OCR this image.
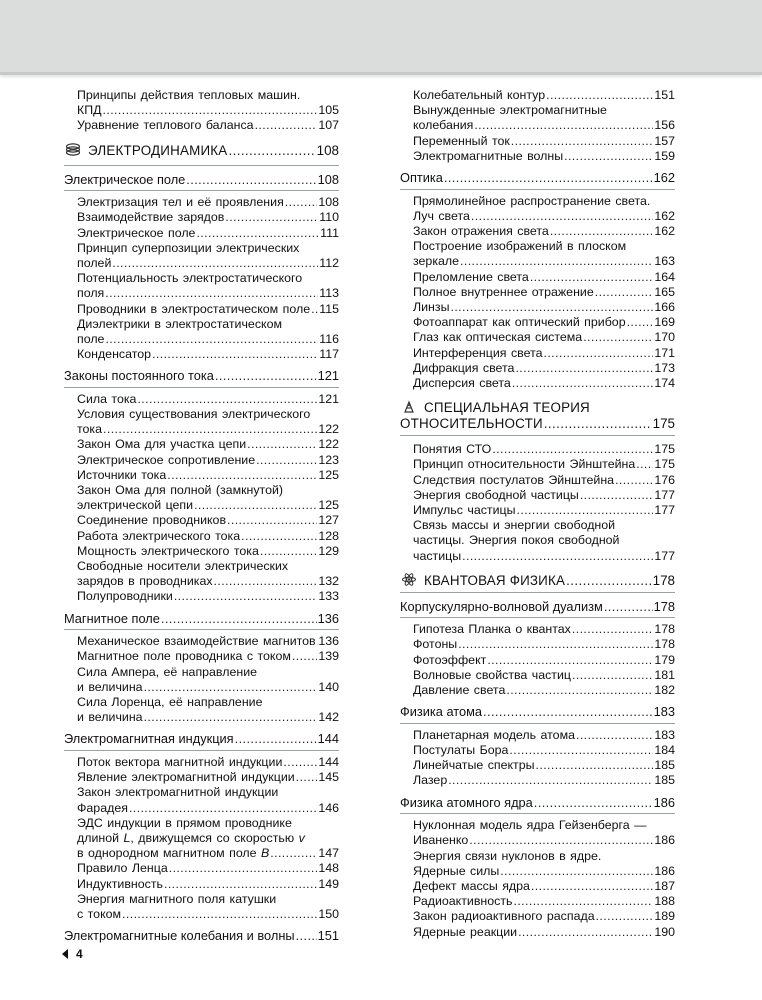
Принципы действия тепловых машин.
КПД .....	105
Уравнение теплового баланса .....	107
ЭЛЕКТРОДИНАМИКА .....	108
Электрическое поле .....	108
Электризация тел и её проявления .....	108
Взаимодействие зарядов .....	110
Электрическое поле .....	111
Принцип суперпозиции электрических
полей .....	112
Потенциальность электростатического
поля .....	113
Проводники в электростатическом поле ..... 115
Диэлектрики в электростатическом
поле .....	116
Конденсатор .....	117
Законы постоянного тока .....	121
Сила тока .....	121
Условия существования электрического
тока .....	122
Закон Ома для участка цепи .....	122
Электрическое сопротивление .....	123
Источники тока .....	125
Закон Ома для полной (замкнутой)
электрической цепи .....	125
Соединение проводников .....	127
Работа электрического тока .....	128
Мощность электрического тока .....	129
Свободные носители электрических
зарядов в проводниках .....	132
Полупроводники .....	133
Магнитное поле .....	136
Механическое взаимодействие магнитов ..... 136
Магнитное поле проводника с током ..... 139
Сила Ампера, её направление
и величина .....	140
Сила Лоренца, её направление
и величина .....	142
Электромагнитная индукция .....	144
Поток вектора магнитной индукции .....	144
Явление электромагнитной индукции ..... 145
Закон электромагнитной индукции
Фарадея .....	146
ЭДС индукции в прямом проводнике
длиной L, движущемся со скоростью v
в однородном магнитном поле B .....	147
Правило Ленца .....	148
Индуктивность .....	149
Энергия магнитного поля катушки
с током .....	150
Электромагнитные колебания и волны ..... 151
Колебательный контур .....	151
Вынужденные электромагнитные
колебания .....	156
Переменный ток .....	157
Электромагнитные волны .....	159
Оптика .....	162
Прямолинейное распространение света.
Луч света .....	162
Закон отражения света .....	162
Построение изображений в плоском
зеркале .....	163
Преломление света .....	164
Полное внутреннее отражение .....	165
Линзы .....	166
Фотоаппарат как оптический прибор ..... 169
Глаз как оптическая система .....	170
Интерференция света .....	171
Дифракция света .....	173
Дисперсия света .....	174
СПЕЦИАЛЬНАЯ ТЕОРИЯ
ОТНОСИТЕЛЬНОСТИ .....	175
Понятия СТО .....	175
Принцип относительности Эйнштейна ..... 175
Следствия постулатов Эйнштейна .....	176
Энергия свободной частицы .....	177
Импульс частицы .....	177
Связь массы и энергии свободной
частицы. Энергия покоя свободной
частицы .....	177
КВАНТОВАЯ ФИЗИКА .....	178
Корпускулярно-волновой дуализм .....	178
Гипотеза Планка о квантах .....	178
Фотоны .....	178
Фотоэффект .....	179
Волновые свойства частиц .....	181
Давление света .....	182
Физика атома .....	183
Планетарная модель атома .....	183
Постулаты Бора .....	184
Линейчатые спектры .....	185
Лазер .....	185
Физика атомного ядра .....	186
Нуклонная модель ядра Гейзенберга —
Иваненко .....	186
Энергия связи нуклонов в ядре.
Ядерные силы .....	186
Дефект массы ядра .....	187
Радиоактивность .....	188
Закон радиоактивного распада .....	189
Ядерные реакции .....	190
4
